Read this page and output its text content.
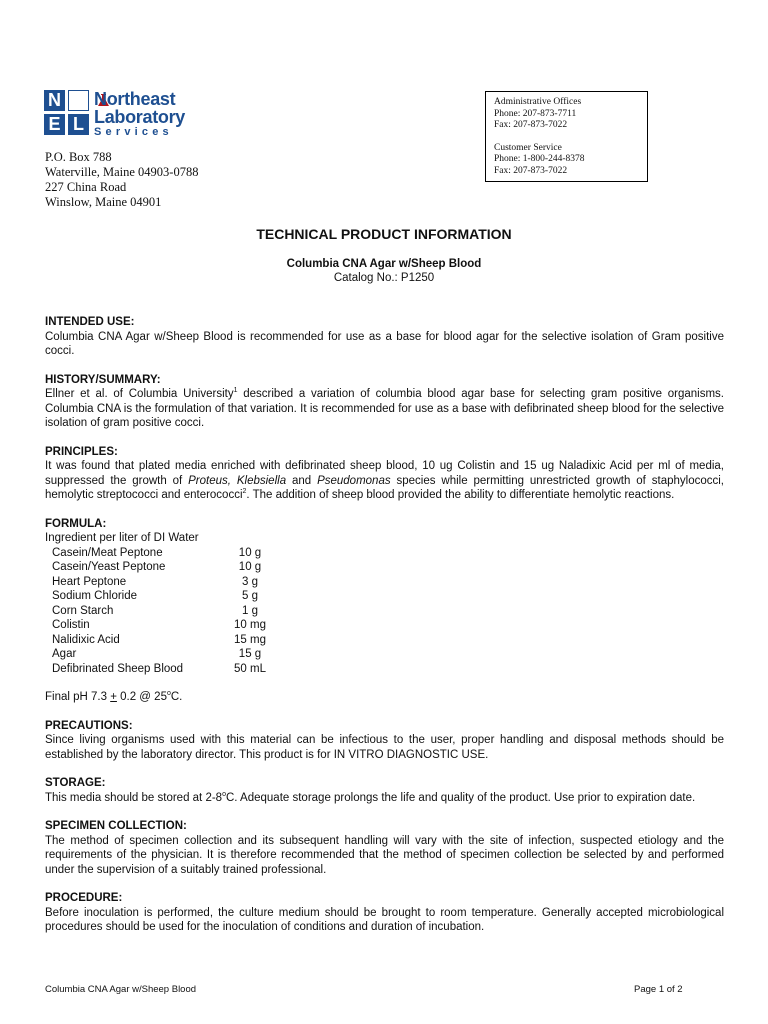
N
E L
Northeast
Laboratory
Services
P.O. Box 788
Waterville, Maine 04903-0788
227 China Road
Winslow, Maine 04901
Administrative Offices
Phone: 207-873-7711
Fax: 207-873-7022
Customer Service
Phone: 1-800-244-8378
Fax: 207-873-7022
TECHNICAL PRODUCT INFORMATION
Columbia CNA Agar w/Sheep Blood
Catalog No.: P1250
INTENDED USE:
Columbia CNA Agar w/Sheep Blood is recommended for use as a base for blood agar for the selective isolation of Gram positive cocci.
HISTORY/SUMMARY:
Ellner et al. of Columbia University$^1$ described a variation of columbia blood agar base for selecting gram positive organisms. Columbia CNA is the formulation of that variation. It is recommended for use as a base with defibrinated sheep blood for the selective isolation of gram positive cocci.
PRINCIPLES:
It was found that plated media enriched with defibrinated sheep blood, 10 ug Colistin and 15 ug Naladixic Acid per ml of media, suppressed the growth of Proteus, Klebsiella and Pseudomonas species while permitting unrestricted growth of staphylococci, hemolytic streptococci and enterococci$^2$. The addition of sheep blood provided the ability to differentiate hemolytic reactions.
FORMULA:
Ingredient per liter of DI Water
Casein/Meat Peptone	10 g
Casein/Yeast Peptone	10 g
Heart Peptone	3 g
Sodium Chloride	5 g
Corn Starch	1 g
Colistin	10 mg
Nalidixic Acid	15 mg
Agar	15 g
Defibrinated Sheep Blood	50 mL
Final pH 7.3 + 0.2 @ 25$^o$C.
PRECAUTIONS:
Since living organisms used with this material can be infectious to the user, proper handling and disposal methods should be established by the laboratory director. This product is for IN VITRO DIAGNOSTIC USE.
STORAGE:
This media should be stored at 2-8$^o$C. Adequate storage prolongs the life and quality of the product. Use prior to expiration date.
SPECIMEN COLLECTION:
The method of specimen collection and its subsequent handling will vary with the site of infection, suspected etiology and the requirements of the physician. It is therefore recommended that the method of specimen collection be selected by and performed under the supervision of a suitably trained professional.
PROCEDURE:
Before inoculation is performed, the culture medium should be brought to room temperature. Generally accepted microbiological procedures should be used for the inoculation of conditions and duration of incubation.
Columbia CNA Agar w/Sheep Blood	Page 1 of 2
